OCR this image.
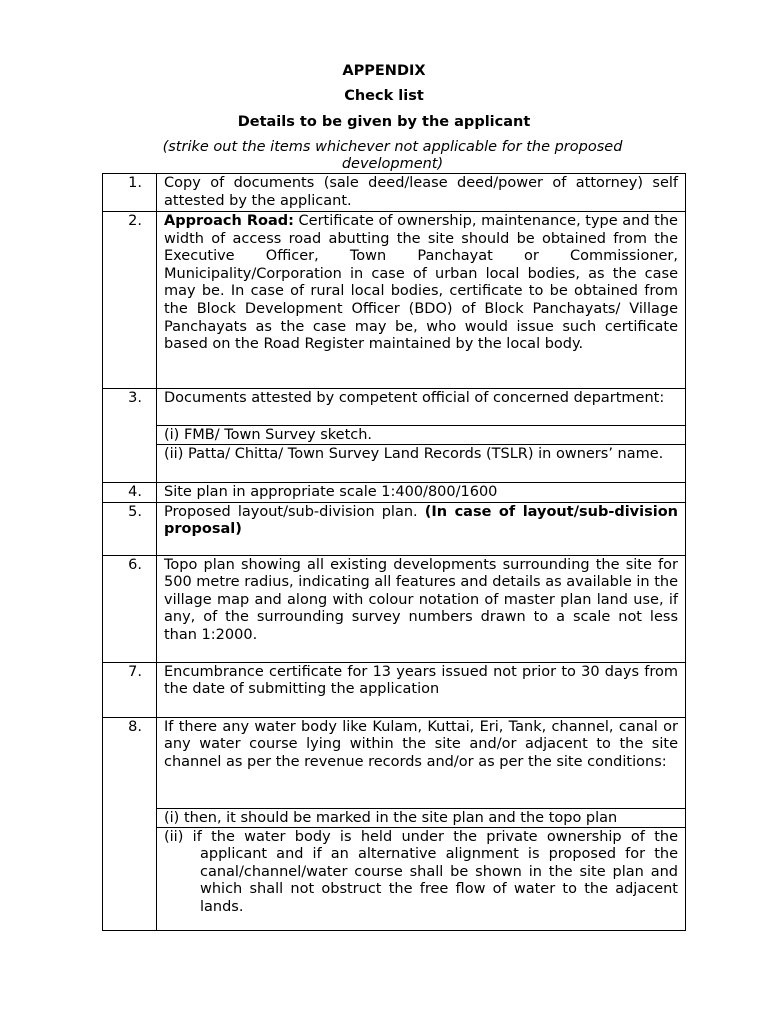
APPENDIX
Check list
Details to be given by the applicant
(strike out the items whichever not applicable for the proposed development)
1.	Copy of documents (sale deed/lease deed/power of attorney) self attested by the applicant.

2.	Approach Road: Certificate of ownership, maintenance, type and the width of access road abutting the site should be obtained from the Executive Officer, Town Panchayat or Commissioner, Municipality/Corporation in case of urban local bodies, as the case may be. In case of rural local bodies, certificate to be obtained from the Block Development Officer (BDO) of Block Panchayats/ Village Panchayats as the case may be, who would issue such certificate based on the Road Register maintained by the local body.

3.	Documents attested by competent official of concerned department:
(i) FMB/ Town Survey sketch.
(ii) Patta/ Chitta/ Town Survey Land Records (TSLR) in owners’ name.

4.	Site plan in appropriate scale 1:400/800/1600

5.	Proposed layout/sub-division plan. (In case of layout/sub-division proposal)

6.	Topo plan showing all existing developments surrounding the site for 500 metre radius, indicating all features and details as available in the village map and along with colour notation of master plan land use, if any, of the surrounding survey numbers drawn to a scale not less than 1:2000.

7.	Encumbrance certificate for 13 years issued not prior to 30 days from the date of submitting the application

8.	If there any water body like Kulam, Kuttai, Eri, Tank, channel, canal or any water course lying within the site and/or adjacent to the site channel as per the revenue records and/or as per the site conditions:
(i) then, it should be marked in the site plan and the topo plan
(ii) if the water body is held under the private ownership of the applicant and if an alternative alignment is proposed for the canal/channel/water course shall be shown in the site plan and which shall not obstruct the free flow of water to the adjacent lands.
